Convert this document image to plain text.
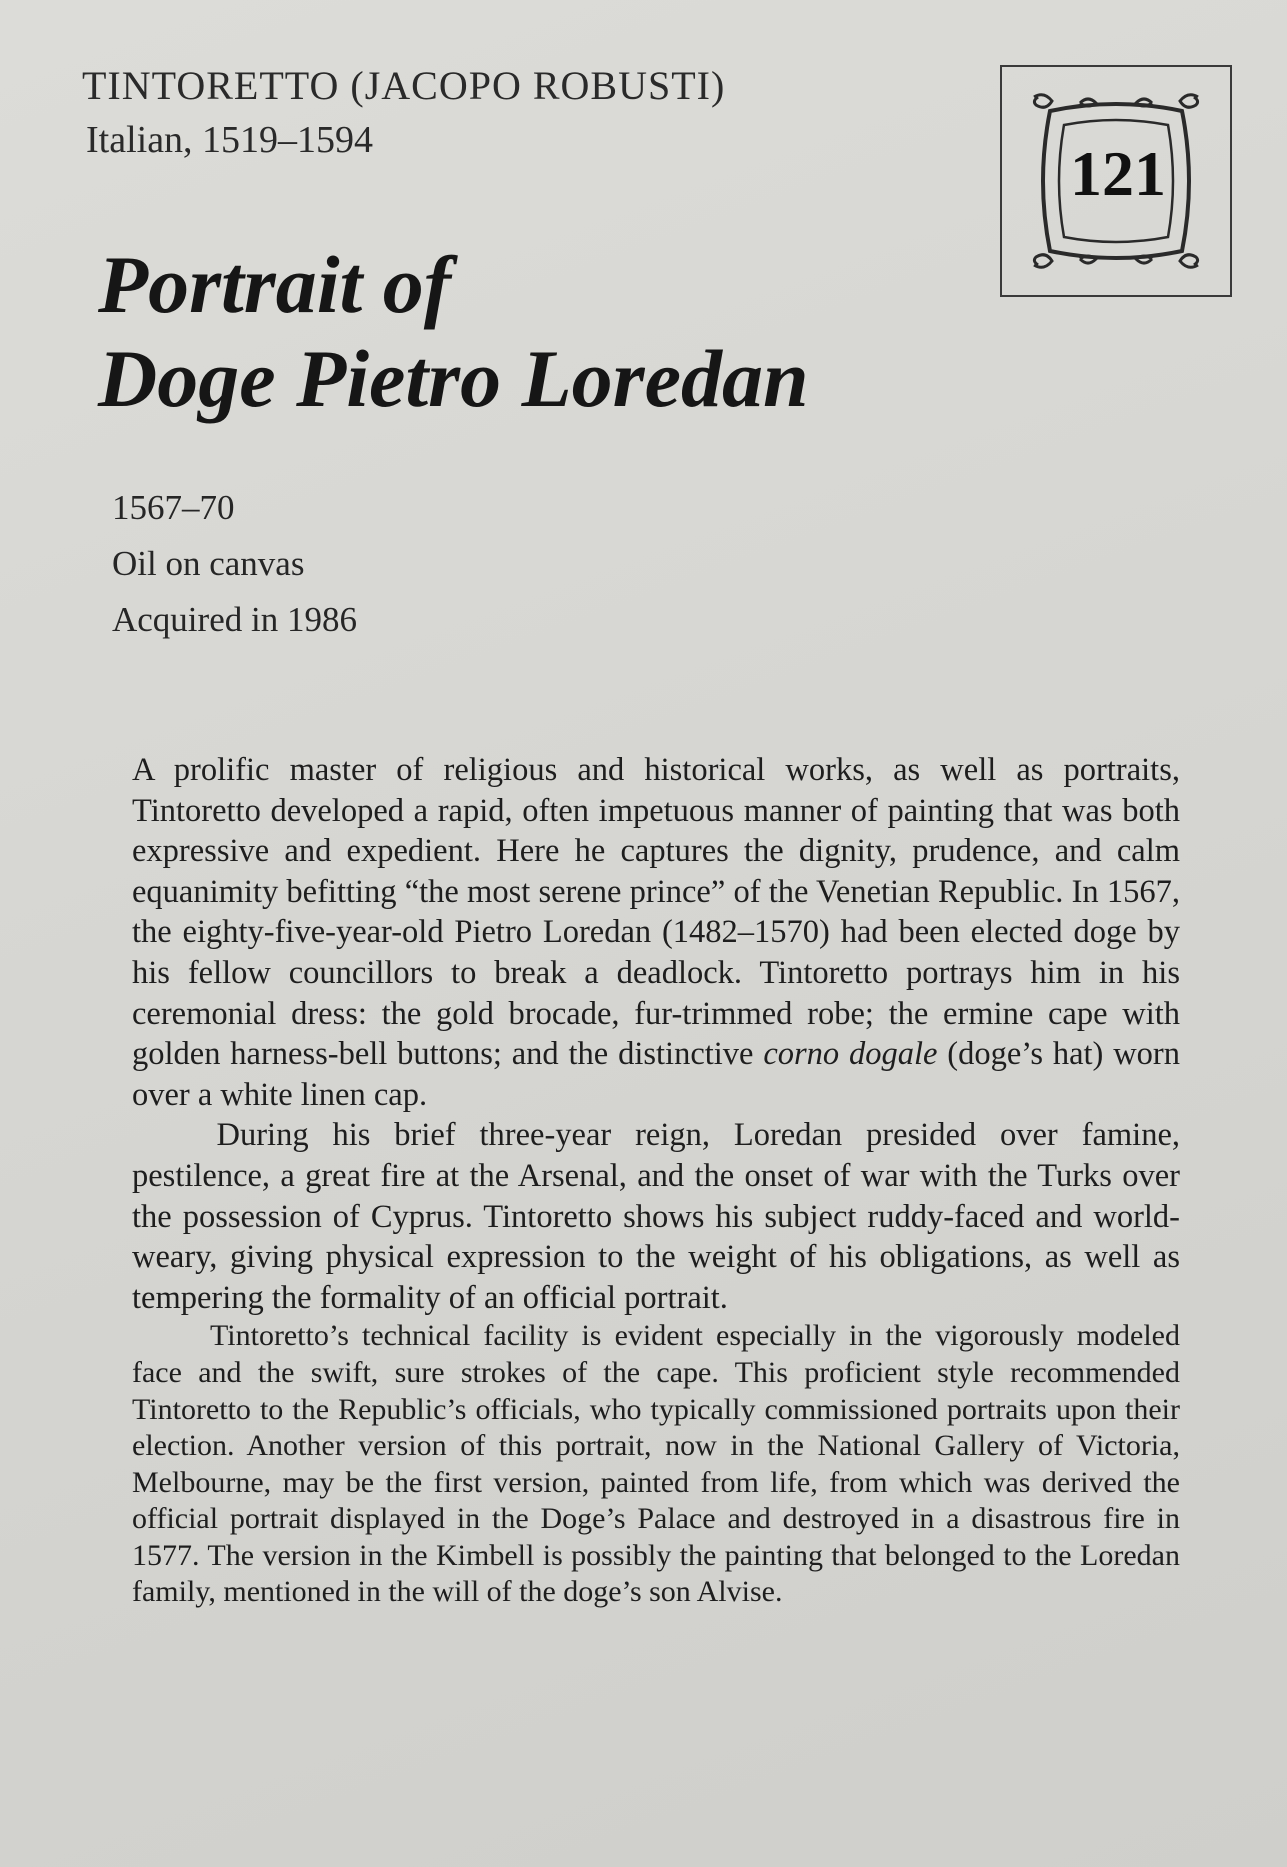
TINTORETTO (JACOPO ROBUSTI)
Italian, 1519–1594	121
Portrait of
Doge Pietro Loredan
1567–70
Oil on canvas
Acquired in 1986

A prolific master of religious and historical works, as well as portraits, Tintoretto developed a rapid, often impetuous manner of painting that was both expressive and expedient. Here he captures the dignity, prudence, and calm equanimity befitting “the most serene prince” of the Venetian Republic. In 1567, the eighty-five-year-old Pietro Loredan (1482–1570) had been elected doge by his fellow councillors to break a deadlock. Tintoretto portrays him in his ceremonial dress: the gold brocade, fur-trimmed robe; the ermine cape with golden harness-bell buttons; and the distinctive corno dogale (doge’s hat) worn over a white linen cap.

During his brief three-year reign, Loredan presided over famine, pestilence, a great fire at the Arsenal, and the onset of war with the Turks over the possession of Cyprus. Tintoretto shows his subject ruddy-faced and world-weary, giving physical expression to the weight of his obligations, as well as tempering the formality of an official portrait.

Tintoretto’s technical facility is evident especially in the vigorously modeled face and the swift, sure strokes of the cape. This proficient style recommended Tintoretto to the Republic’s officials, who typically commissioned portraits upon their election. Another version of this portrait, now in the National Gallery of Victoria, Melbourne, may be the first version, painted from life, from which was derived the official portrait displayed in the Doge’s Palace and destroyed in a disastrous fire in 1577. The version in the Kimbell is possibly the painting that belonged to the Loredan family, mentioned in the will of the doge’s son Alvise.
